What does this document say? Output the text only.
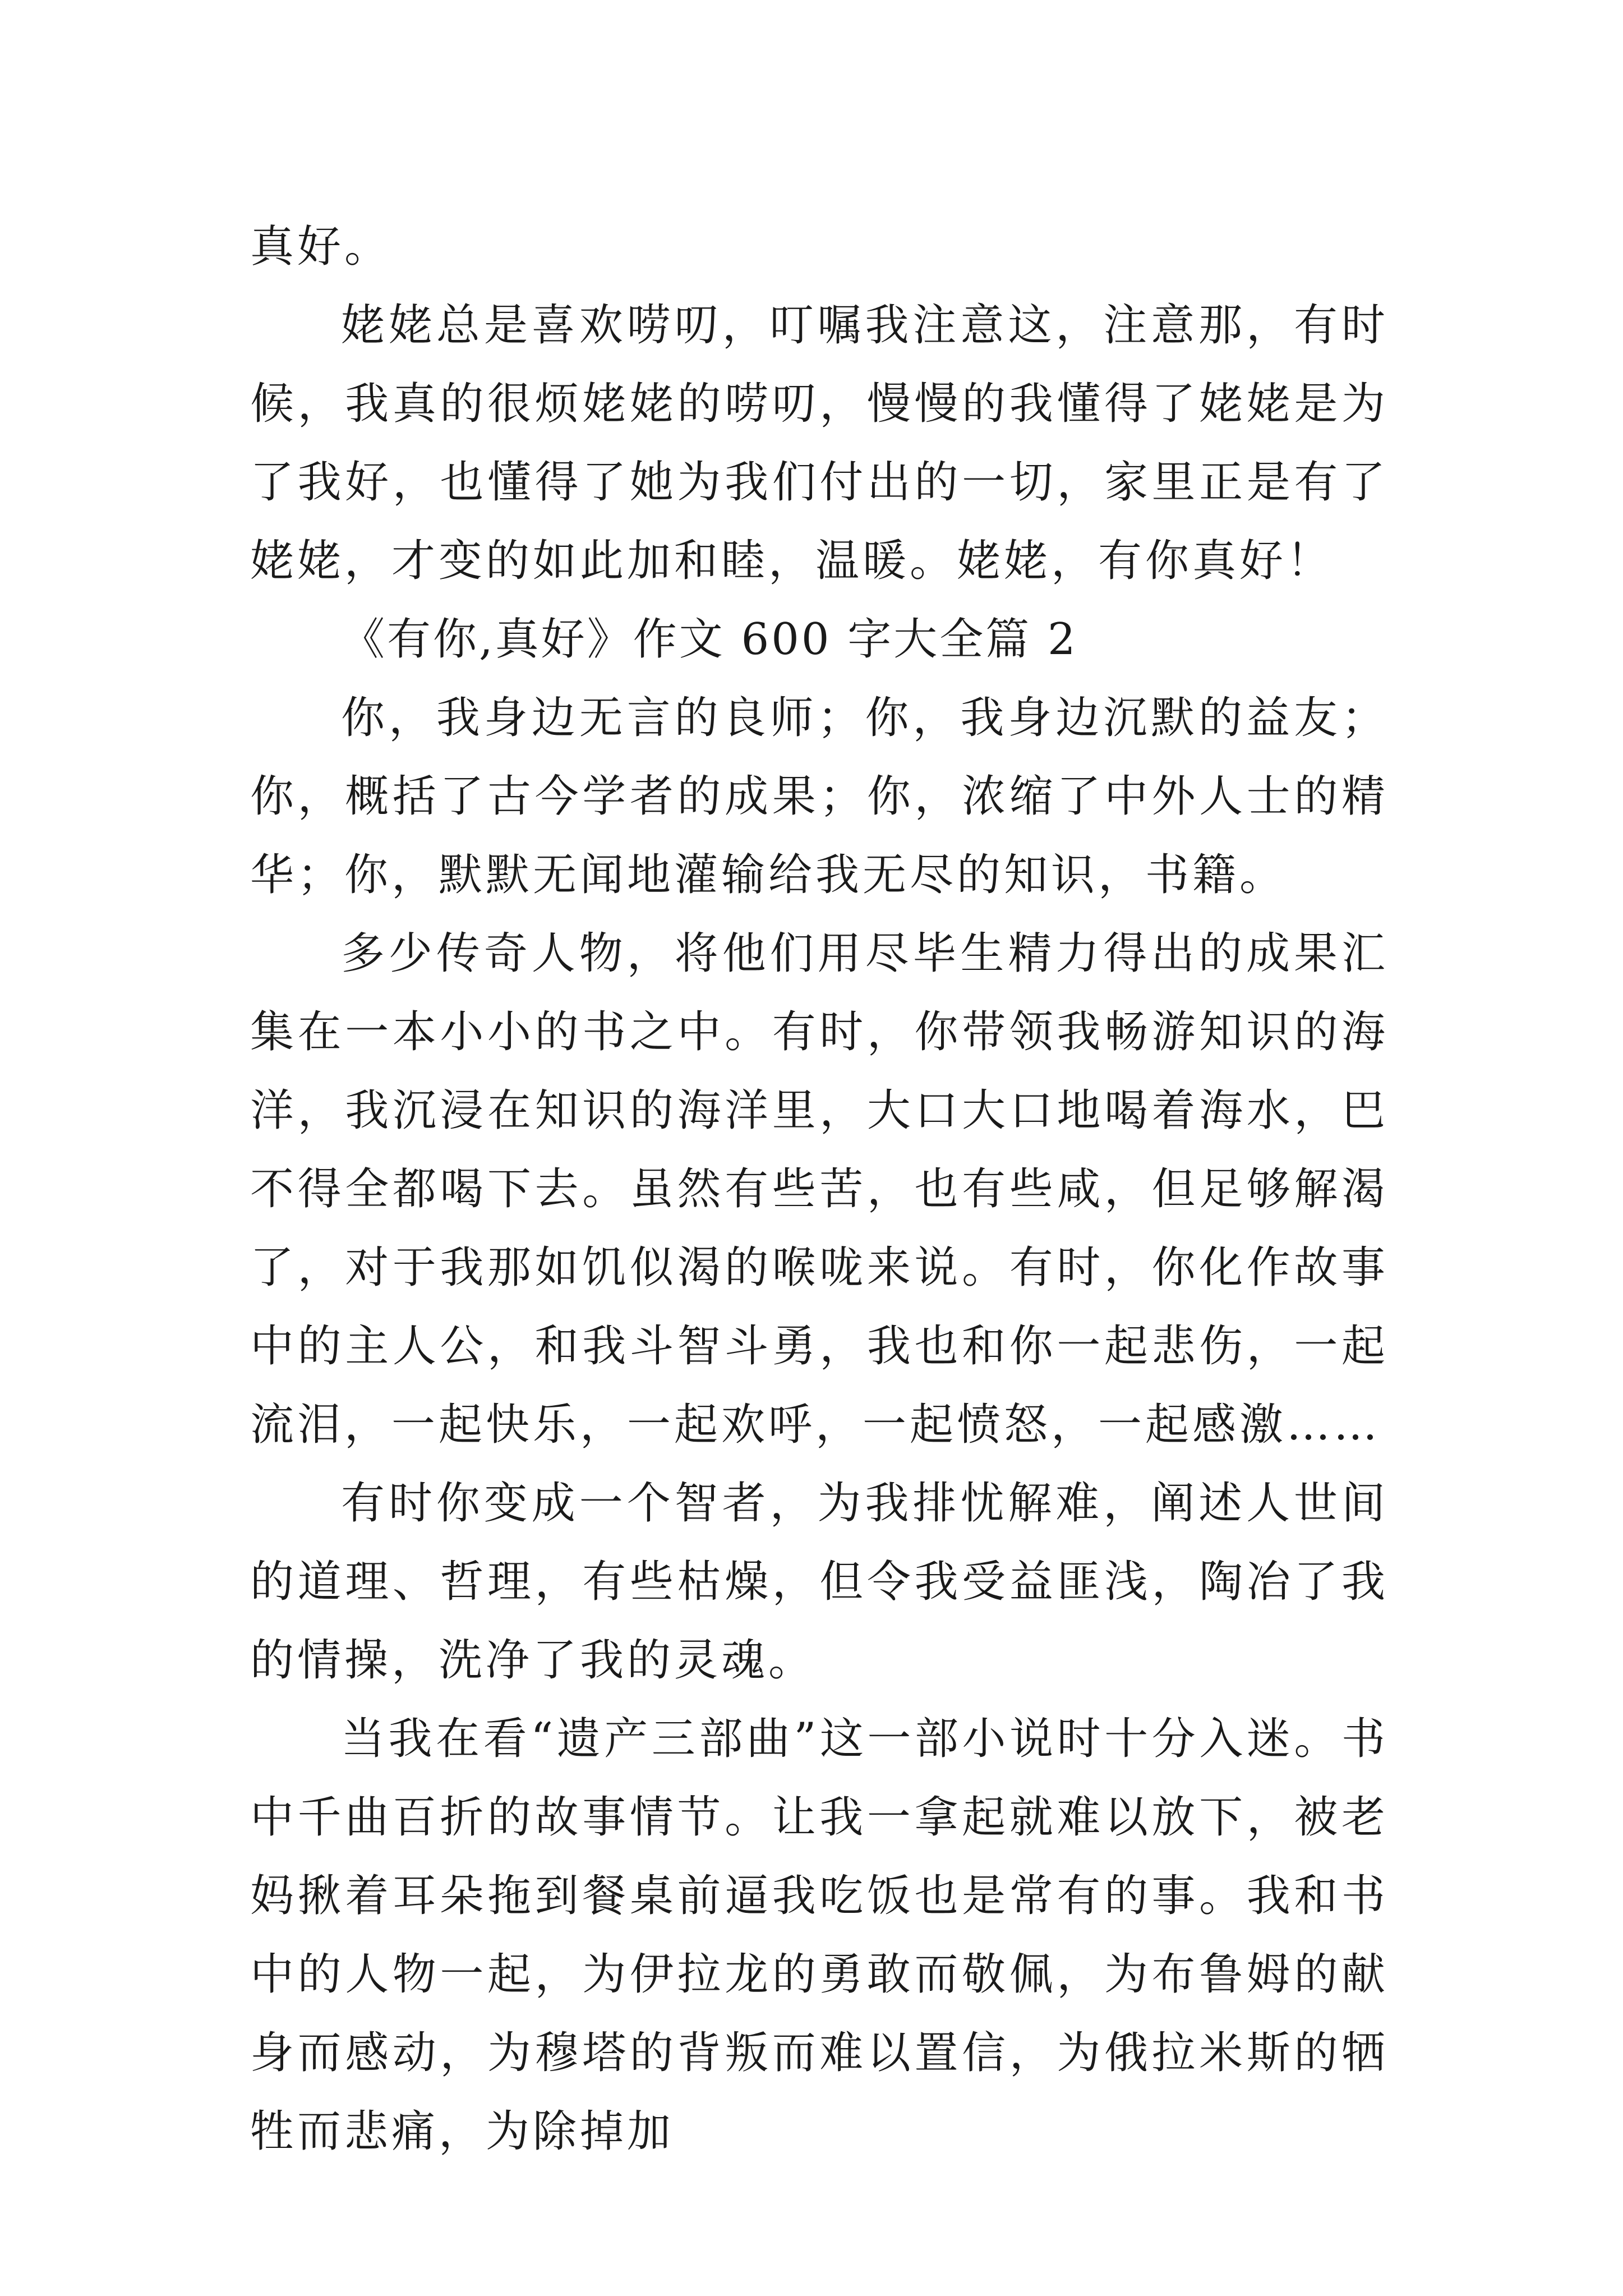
真好。

姥姥总是喜欢唠叨，叮嘱我注意这，注意那，有时候，我真的很烦姥姥的唠叨，慢慢的我懂得了姥姥是为了我好，也懂得了她为我们付出的一切，家里正是有了姥姥，才变的如此加和睦，温暖。姥姥，有你真好！

《有你,真好》作文 600 字大全篇 2

你，我身边无言的良师；你，我身边沉默的益友；你，概括了古今学者的成果；你，浓缩了中外人士的精华；你，默默无闻地灌输给我无尽的知识，书籍。

多少传奇人物，将他们用尽毕生精力得出的成果汇集在一本小小的书之中。有时，你带领我畅游知识的海洋，我沉浸在知识的海洋里，大口大口地喝着海水，巴不得全都喝下去。虽然有些苦，也有些咸，但足够解渴了，对于我那如饥似渴的喉咙来说。有时，你化作故事中的主人公，和我斗智斗勇，我也和你一起悲伤，一起流泪，一起快乐，一起欢呼，一起愤怒，一起感激……

有时你变成一个智者，为我排忧解难，阐述人世间的道理、哲理，有些枯燥，但令我受益匪浅，陶冶了我的情操，洗净了我的灵魂。

当我在看“遗产三部曲”这一部小说时十分入迷。书中千曲百折的故事情节。让我一拿起就难以放下，被老妈揪着耳朵拖到餐桌前逼我吃饭也是常有的事。我和书中的人物一起，为伊拉龙的勇敢而敬佩，为布鲁姆的献身而感动，为穆塔的背叛而难以置信，为俄拉米斯的牺牲而悲痛，为除掉加
